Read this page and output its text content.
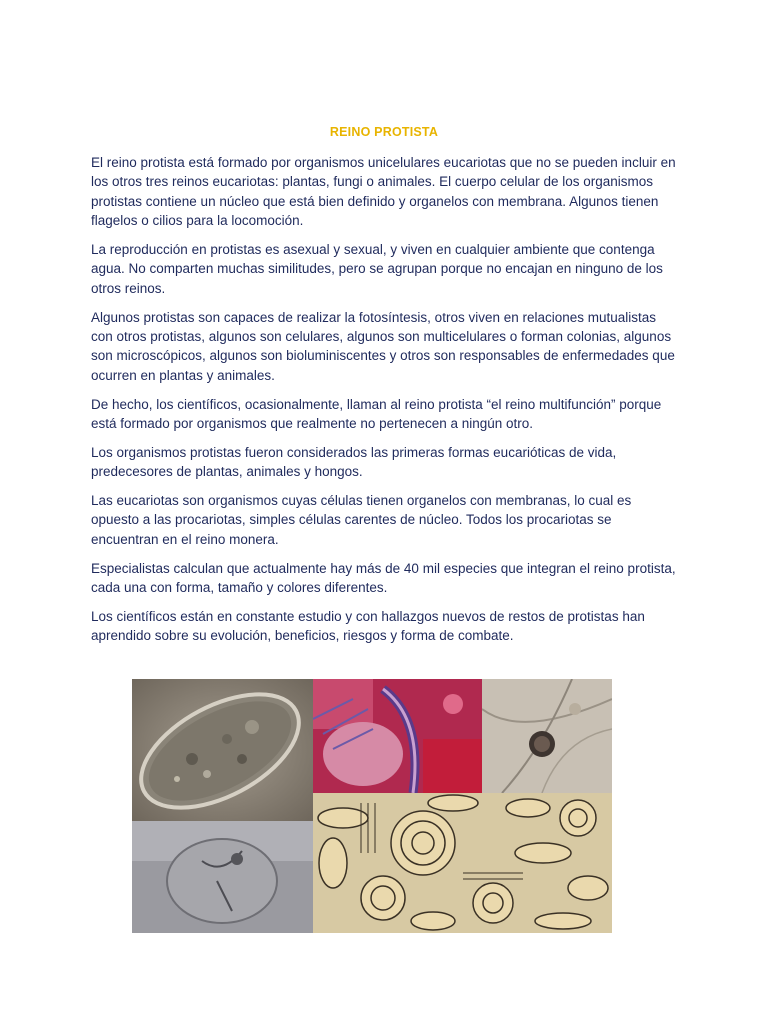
REINO PROTISTA

El reino protista está formado por organismos unicelulares eucariotas que no se pueden incluir en los otros tres reinos eucariotas: plantas, fungi o animales. El cuerpo celular de los organismos protistas contiene un núcleo que está bien definido y organelos con membrana. Algunos tienen flagelos o cilios para la locomoción.

La reproducción en protistas es asexual y sexual, y viven en cualquier ambiente que contenga agua. No comparten muchas similitudes, pero se agrupan porque no encajan en ninguno de los otros reinos.

Algunos protistas son capaces de realizar la fotosíntesis, otros viven en relaciones mutualistas con otros protistas, algunos son celulares, algunos son multicelulares o forman colonias, algunos son microscópicos, algunos son bioluminiscentes y otros son responsables de enfermedades que ocurren en plantas y animales.

De hecho, los científicos, ocasionalmente, llaman al reino protista “el reino multifunción” porque está formado por organismos que realmente no pertenecen a ningún otro.

Los organismos protistas fueron considerados las primeras formas eucarióticas de vida, predecesores de plantas, animales y hongos.

Las eucariotas son organismos cuyas células tienen organelos con membranas, lo cual es opuesto a las procariotas, simples células carentes de núcleo. Todos los procariotas se encuentran en el reino monera.

Especialistas calculan que actualmente hay más de 40 mil especies que integran el reino protista, cada una con forma, tamaño y colores diferentes.

Los científicos están en constante estudio y con hallazgos nuevos de restos de protistas han aprendido sobre su evolución, beneficios, riesgos y forma de combate.
